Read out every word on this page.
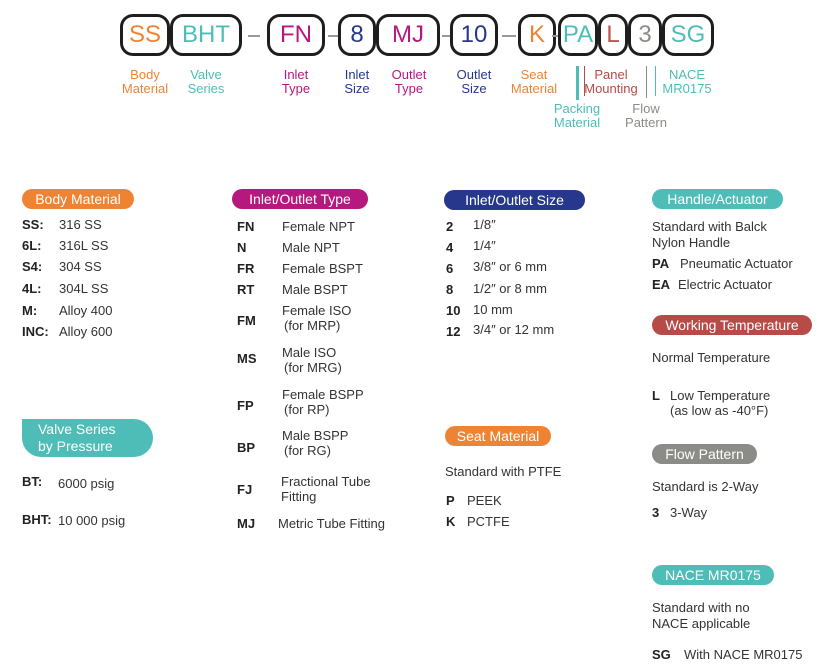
SS BHT	FN	8	MJ	10	K PA L 3 SG
Body
Material
Valve
Series
Inlet
Type
Inlet
Size
Outlet
Type
Outlet
Size
Seat
Material
Packing
Material
Panel
Mounting
Flow
Pattern
NACE
MR0175
Body Material
SS: 316 SS
6L: 316L SS
S4: 304 SS
4L: 304L SS
M: Alloy 400
INC: Alloy 600
Valve Series
by Pressure
BT: 6000 psig
BHT: 10 000 psig
Inlet/Outlet Type
FN Female NPT
N	Male NPT
FR Female BSPT
RT Male BSPT
FM
Female ISO
(for MRP)
MS Male ISO
(for MRG)
FP
Female BSPP
(for RP)
BP
Male BSPP
(for RG)
FJ
Fractional Tube
Fitting
MJ Metric Tube Fitting
Inlet/Outlet Size
2 1/8″
4 1/4″
6 3/8″ or 6 mm
8 1/2″ or 8 mm
10 10 mm
12 3/4″ or 12 mm
Seat Material
Standard with PTFE
P PEEK
K PCTFE
Handle/Actuator
Standard with Balck
Nylon Handle
PA Pneumatic Actuator
EA Electric Actuator
Working Temperature
Normal Temperature
L Low Temperature
(as low as -40°F)
Flow Pattern
Standard is 2-Way
3 3-Way
NACE MR0175
Standard with no
NACE applicable
SG With NACE MR0175
